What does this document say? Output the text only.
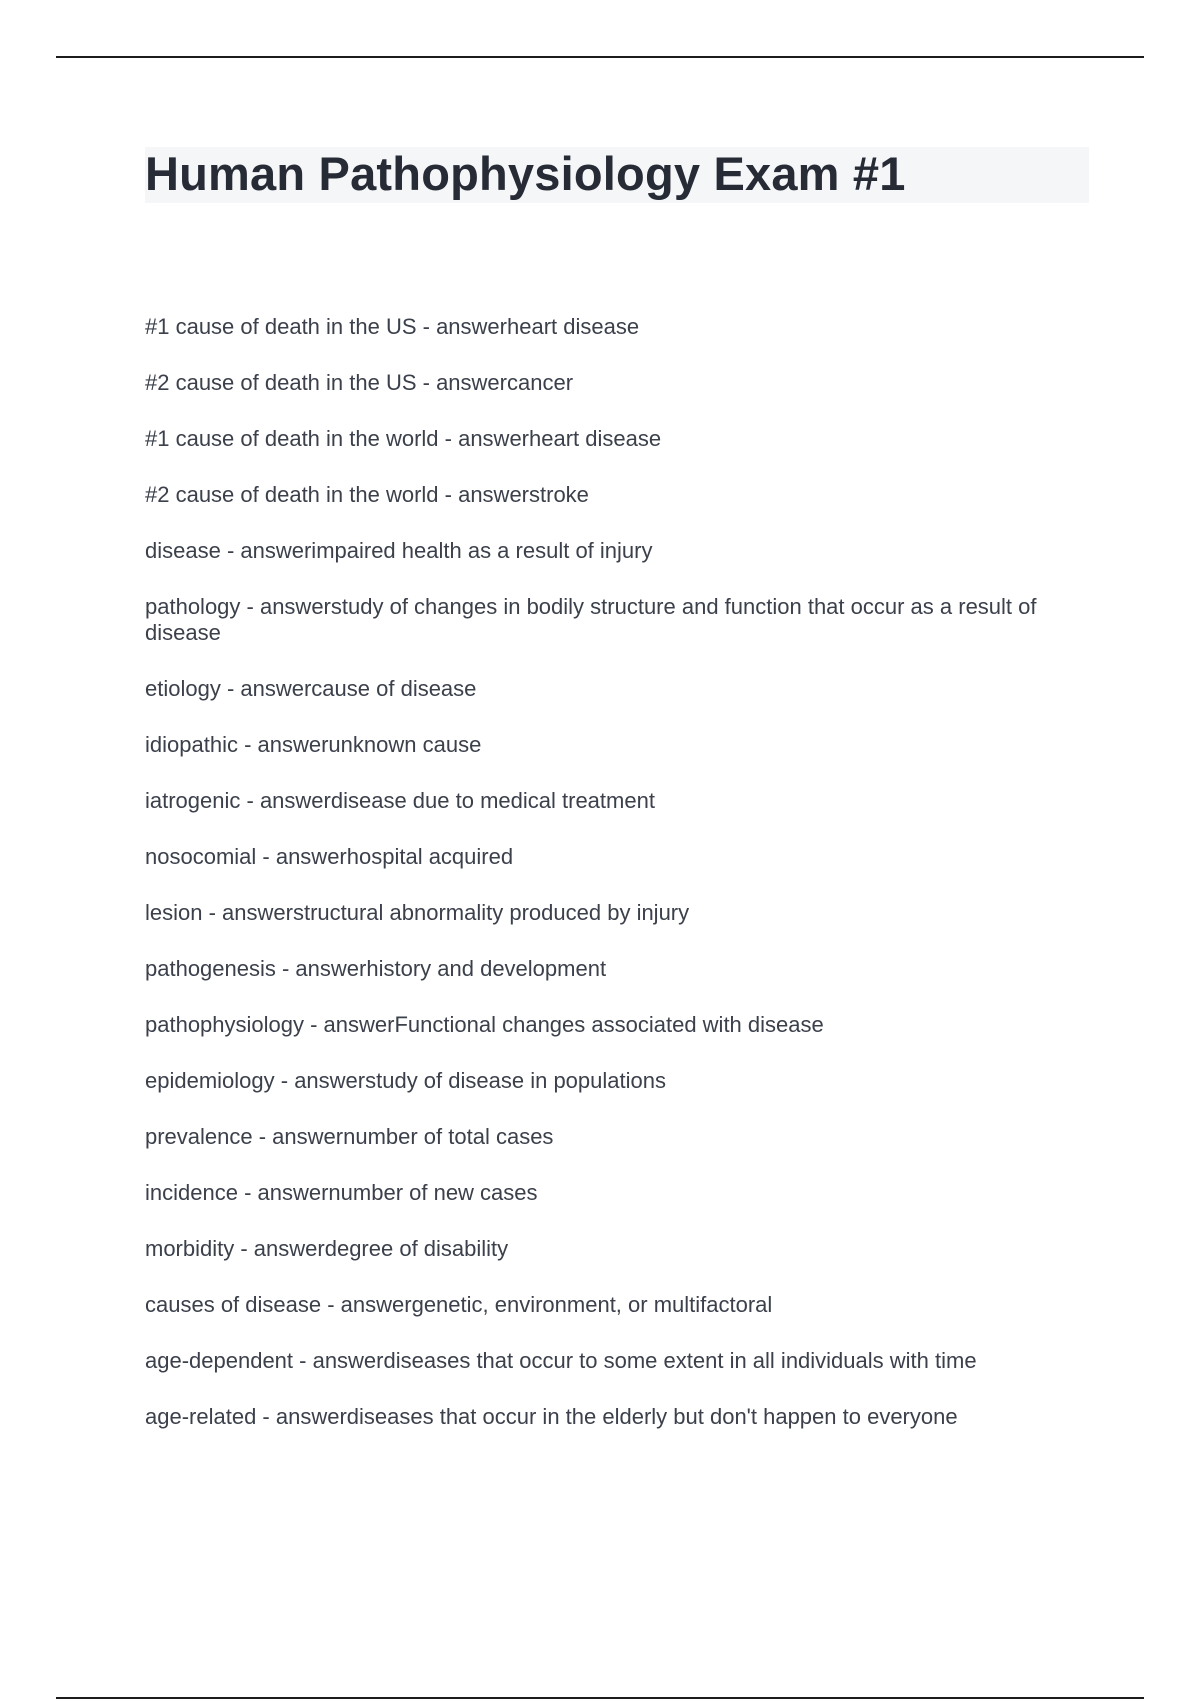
Human Pathophysiology Exam #1
#1 cause of death in the US - answerheart disease
#2 cause of death in the US - answercancer
#1 cause of death in the world - answerheart disease
#2 cause of death in the world - answerstroke
disease - answerimpaired health as a result of injury
pathology - answerstudy of changes in bodily structure and function that occur as a result of disease
etiology - answercause of disease
idiopathic - answerunknown cause
iatrogenic - answerdisease due to medical treatment
nosocomial - answerhospital acquired
lesion - answerstructural abnormality produced by injury
pathogenesis - answerhistory and development
pathophysiology - answerFunctional changes associated with disease
epidemiology - answerstudy of disease in populations
prevalence - answernumber of total cases
incidence - answernumber of new cases
morbidity - answerdegree of disability
causes of disease - answergenetic, environment, or multifactoral
age-dependent - answerdiseases that occur to some extent in all individuals with time
age-related - answerdiseases that occur in the elderly but don't happen to everyone
